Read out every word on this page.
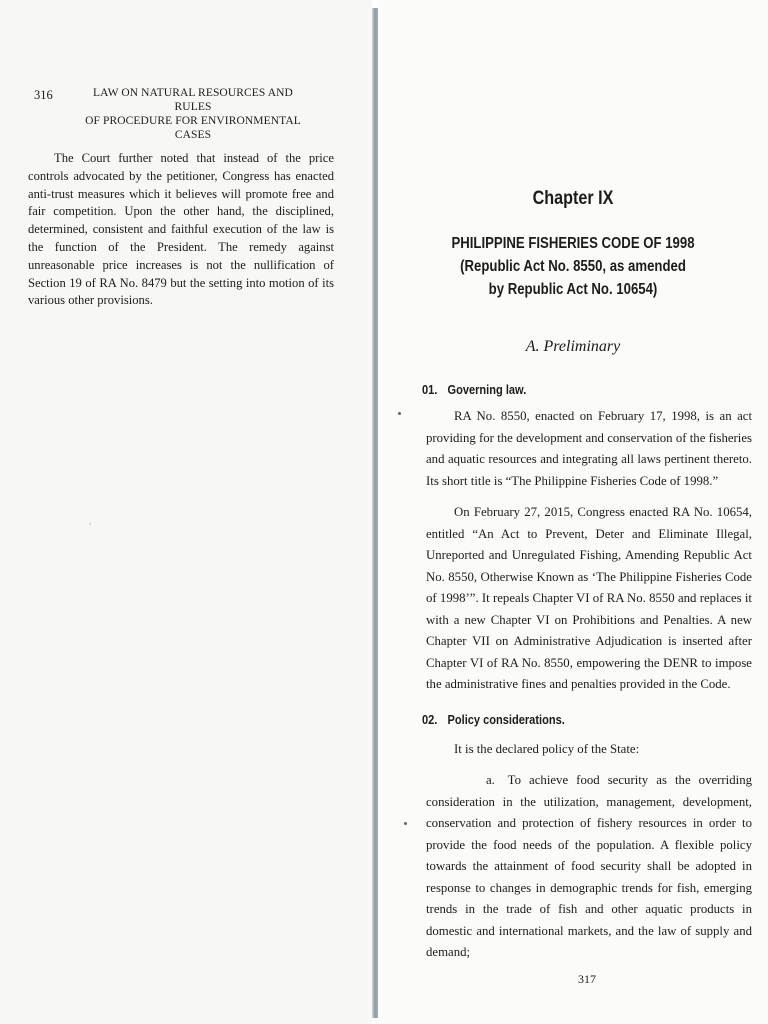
316	LAW ON NATURAL RESOURCES AND RULES
OF PROCEDURE FOR ENVIRONMENTAL CASES

The Court further noted that instead of the price controls advocated by the petitioner, Congress has enacted anti-trust measures which it believes will promote free and fair competition. Upon the other hand, the disciplined, determined, consistent and faithful execution of the law is the function of the President. The remedy against unreasonable price increases is not the nullification of Section 19 of RA No. 8479 but the setting into motion of its various other provisions.

ʾ
Chapter IX
PHILIPPINE FISHERIES CODE OF 1998
(Republic Act No. 8550, as amended
by Republic Act No. 10654)
A. Preliminary
01. Governing law.

RA No. 8550, enacted on February 17, 1998, is an act providing for the development and conservation of the fisheries and aquatic resources and integrating all laws pertinent thereto. Its short title is “The Philippine Fisheries Code of 1998.”

On February 27, 2015, Congress enacted RA No. 10654, entitled “An Act to Prevent, Deter and Eliminate Illegal, Unreported and Unregulated Fishing, Amending Republic Act No. 8550, Otherwise Known as ‘The Philippine Fisheries Code of 1998’”. It repeals Chapter VI of RA No. 8550 and replaces it with a new Chapter VI on Prohibitions and Penalties. A new Chapter VII on Administrative Adjudication is inserted after Chapter VI of RA No. 8550, empowering the DENR to impose the administrative fines and penalties provided in the Code.

02. Policy considerations.
It is the declared policy of the State:

a. To achieve food security as the overriding consideration in the utilization, management, development, conservation and protection of fishery resources in order to provide the food needs of the population. A flexible policy towards the attainment of food security shall be adopted in response to changes in demographic trends for fish, emerging trends in the trade of fish and other aquatic products in domestic and international markets, and the law of supply and demand;

317
